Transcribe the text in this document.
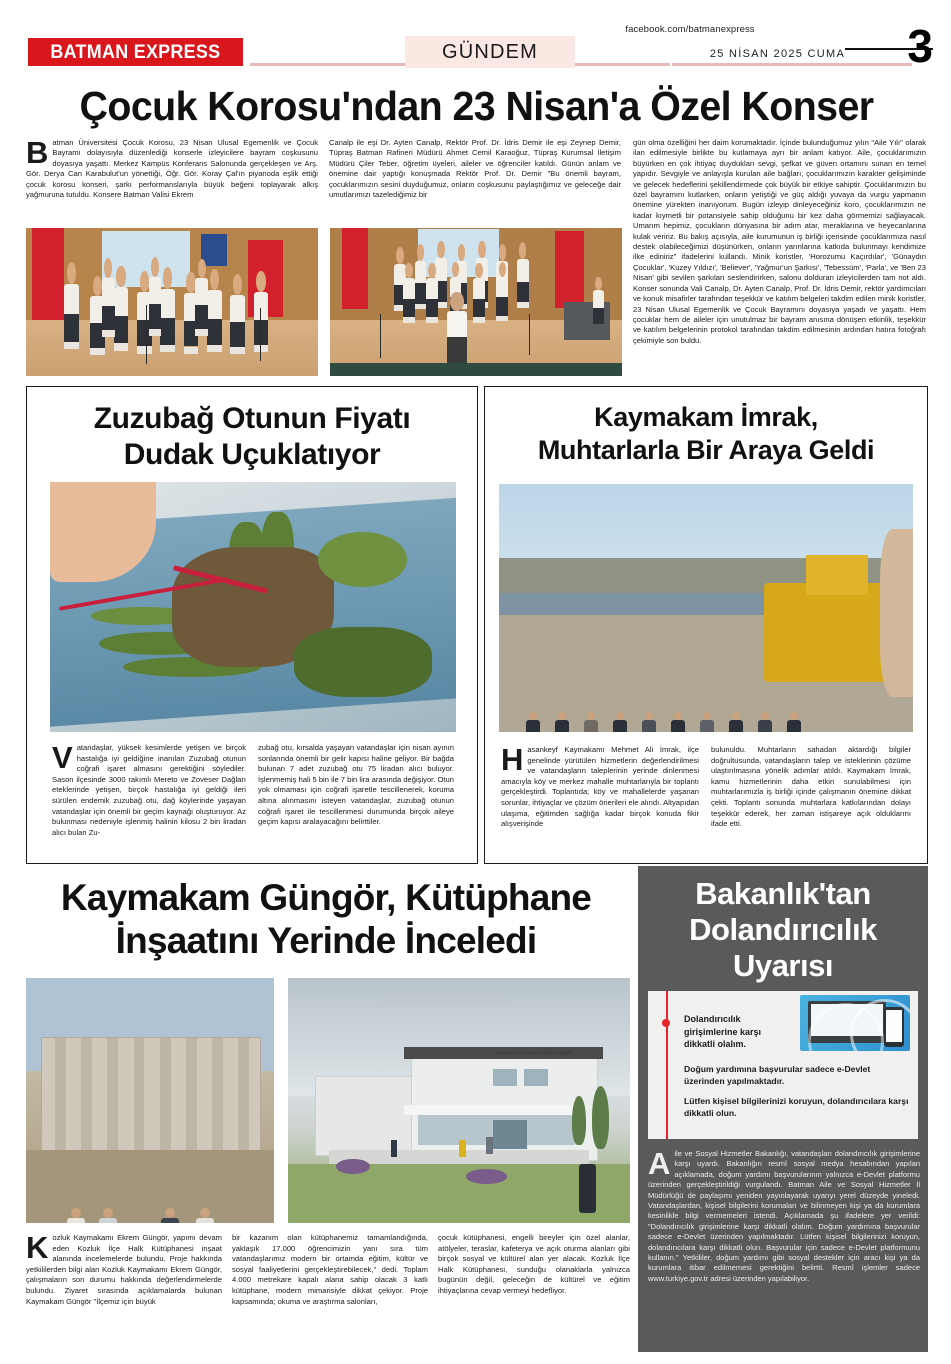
BATMAN EXPRESS	GÜNDEM
facebook.com/batmanexpress
25 NİSAN 2025 CUMA	3
Çocuk Korosu'ndan 23 Nisan'a Özel Konser
Batman Üniversitesi Çocuk Korosu, 23 Nisan Ulusal Egemenlik ve Çocuk Bayramı dolayısıyla düzenlediği konserle izleyicilere bayram coşkusunu doyasıya yaşattı. Merkez Kampüs Konferans Salonunda gerçekleşen ve Arş. Gör. Derya Can Karabulut'un yönettiği, Öğr. Gör. Koray Çal'ın piyanoda eşlik ettiği çocuk korosu konseri, şarkı performanslarıyla büyük beğeni toplayarak alkış yağmuruna tutuldu. Konsere Batman Valisi Ekrem
Canalp ile eşi Dr. Ayten Canalp, Rektör Prof. Dr. İdris Demir ile eşi Zeynep Demir, Tüpraş Batman Rafineri Müdürü Ahmet Cemil Karaoğuz, Tüpraş Kurumsal İletişim Müdürü Çiler Teber, öğretim üyeleri, aileler ve öğrenciler katıldı. Günün anlam ve önemine dair yaptığı konuşmada Rektör Prof. Dr. Demir "Bu önemli bayram, çocuklarımızın sesini duyduğumuz, onların coşkusunu paylaştığımız ve geleceğe dair umutlarımızı tazelediğimiz bir
gün olma özelliğini her daim korumaktadır. İçinde bulunduğumuz yılın "Aile Yılı" olarak ilan edilmesiyle birlikte bu kutlamaya ayrı bir anlam katıyor. Aile, çocuklarımızın büyürken en çok ihtiyaç duydukları sevgi, şefkat ve güven ortamını sunan en temel yapıdır. Sevgiyle ve anlayışla kurulan aile bağları, çocuklarımızın karakter gelişiminde ve gelecek hedeflerini şekillendirmede çok büyük bir etkiye sahiptir. Çocuklarımızın bu özel bayramını kutlarken, onların yetiştiği ve güç aldığı yuvaya da vurgu yapmanın önemine yürekten inanıyorum. Bugün izleyip dinleyeceğiniz koro, çocuklarımızın ne kadar kıymetli bir potansiyele sahip olduğunu bir kez daha görmemizi sağlayacak. Umarım hepimiz, çocukların dünyasına bir adım atar, meraklarına ve heyecanlarına kulak veririz. Bu bakış açısıyla, aile kurumunun iş birliği içerisinde çocuklarımıza nasıl destek olabileceğimizi düşünürken, onların yarınlarına katkıda bulunmayı kendimize ilke ediniriz" ifadelerini kullandı. Minik koristler, 'Horozumu Kaçırdılar', 'Günaydın Çocuklar', 'Kuzey Yıldızı', 'Believer', 'Yağmur'un Şarkısı', 'Tebessüm', 'Parla', ve 'Ben 23 Nisan' gibi sevilen şarkıları seslendirirken, salonu dolduran izleyicilerden tam not aldı. Konser sonunda Vali Canalp, Dr. Ayten Canalp, Prof. Dr. İdris Demir, rektör yardımcıları ve konuk misafirler tarafından teşekkür ve katılım belgeleri takdim edilen minik koristler, 23 Nisan Ulusal Egemenlik ve Çocuk Bayramını doyasıya yaşadı ve yaşattı. Hem çocuklar hem de aileler için unutulmaz bir bayram anısına dönüşen etkinlik, teşekkür ve katılım belgelerinin protokol tarafından takdim edilmesinin ardından hatıra fotoğrafı çekimiyle son buldu.
Zuzubağ Otunun Fiyatı
Dudak Uçuklatıyor
Vatandaşlar, yüksek kesimlerde yetişen ve birçok hastalığa iyi geldiğine inanılan Zuzubağ otunun coğrafi işaret almasını gerektiğini söylediler. Sason ilçesinde 3000 rakımlı Mereto ve Zoveser Dağları eteklerinde yetişen, birçok hastalığa iyi geldiği ileri sürülen endemik zuzubağ otu, dağ köylerinde yaşayan vatandaşlar için önemli bir geçim kaynağı oluşturuyor. Az bulunması nedeniyle işlenmiş halinin kilosu 2 bin liradan alıcı bulan Zu-
zubağ otu, kırsalda yaşayan vatandaşlar için nisan ayının sonlarında önemli bir gelir kapısı haline geliyor. Bir bağda bulunan 7 adet zuzubağ otu 75 liradan alıcı buluyor. İşlenmemiş hali 5 bin ile 7 bin lira arasında değişiyor. Otun yok olmaması için coğrafi işaretle tescillenerek, koruma altına alınmasını isteyen vatandaşlar, zuzubağ otunun coğrafi işaret ile tescillenmesi durumunda birçok aileye geçim kapısı aralayacağını belirttiler.
Kaymakam İmrak,
Muhtarlarla Bir Araya Geldi
Hasankeyf Kaymakamı Mehmet Ali İmrak, ilçe genelinde yürütülen hizmetlerin değerlendirilmesi ve vatandaşların taleplerinin yerinde dinlenmesi amacıyla köy ve merkez mahalle muhtarlarıyla bir toplantı gerçekleştirdi. Toplantıda; köy ve mahallelerde yaşanan sorunlar, ihtiyaçlar ve çözüm önerileri ele alındı. Altyapıdan ulaşıma, eğitimden sağlığa kadar birçok konuda fikir alışverişinde
bulunuldu. Muhtarların sahadan aktardığı bilgiler doğrultusunda, vatandaşların talep ve isteklerinin çözüme ulaştırılmasına yönelik adımlar atıldı. Kaymakam İmrak, kamu hizmetlerinin daha etkin sunulabilmesi için muhtarlarımızla iş birliği içinde çalışmanın önemine dikkat çekti. Toplantı sonunda muhtarlara katkılarından dolayı teşekkür ederek, her zaman istişareye açık olduklarını ifade etti.
Kaymakam Güngör, Kütüphane
İnşaatını Yerinde İnceledi
KOZLUK İLÇE HALK KÜTÜPHANESİ
Kozluk Kaymakamı Ekrem Güngör, yapımı devam eden Kozluk İlçe Halk Kütüphanesi inşaat alanında incelemelerde bulundu. Proje hakkında yetkililerden bilgi alan Kozluk Kaymakamı Ekrem Güngör, çalışmaların son durumu hakkında değerlendirmelerde bulundu. Ziyaret sırasında açıklamalarda bulunan Kaymakam Güngör "İlçemiz için büyük
bir kazanım olan kütüphanemiz tamamlandığında, yaklaşık 17.000 öğrencimizin yanı sıra tüm vatandaşlarımız modern bir ortamda eğitim, kültür ve sosyal faaliyetlerini gerçekleştirebilecek," dedi. Toplam 4.000 metrekare kapalı alana sahip olacak 3 katlı kütüphane, modern mimarisiyle dikkat çekiyor. Proje kapsamında; okuma ve araştırma salonları,
çocuk kütüphanesi, engelli bireyler için özel alanlar, atölyeler, teraslar, kafeterya ve açık oturma alanları gibi birçok sosyal ve kültürel alan yer alacak. Kozluk İlçe Halk Kütüphanesi, sunduğu olanaklarla yalnızca bugünün değil, geleceğin de kültürel ve eğitim ihtiyaçlarına cevap vermeyi hedefliyor.
Bakanlık'tan
Dolandırıcılık
Uyarısı
Dolandırıcılık girişimlerine karşı dikkatli olalım.
Doğum yardımına başvurular sadece e-Devlet üzerinden yapılmaktadır.
Lütfen kişisel bilgilerinizi koruyun, dolandırıcılara karşı dikkatli olun.
Aile ve Sosyal Hizmetler Bakanlığı, vatandaşları dolandırıcılık girişimlerine karşı uyardı. Bakanlığın resmî sosyal medya hesabından yapılan açıklamada, doğum yardımı başvurularının yalnızca e-Devlet platformu üzerinden gerçekleştirildiği vurgulandı. Batman Aile ve Sosyal Hizmetler İl Müdürlüğü de paylaşımı yeniden yayınlayarak uyarıyı yerel düzeyde yineledi. Vatandaşlardan, kişisel bilgilerini korumaları ve bilinmeyen kişi ya da kurumlara kesinlikle bilgi vermemeleri istendi. Açıklamada şu ifadelere yer verildi: "Dolandırıcılık girişimlerine karşı dikkatli olalım. Doğum yardımına başvurular sadece e-Devlet üzerinden yapılmaktadır. Lütfen kişisel bilgilerinizi koruyun, dolandırıcılara karşı dikkatli olun. Başvurular için sadece e-Devlet platformunu kullanın." Yetkililer, doğum yardımı gibi sosyal destekler için aracı kişi ya da kurumlara itibar edilmemesi gerektiğini belirtti. Resmî işlemler sadece www.turkiye.gov.tr adresi üzerinden yapılabiliyor.
